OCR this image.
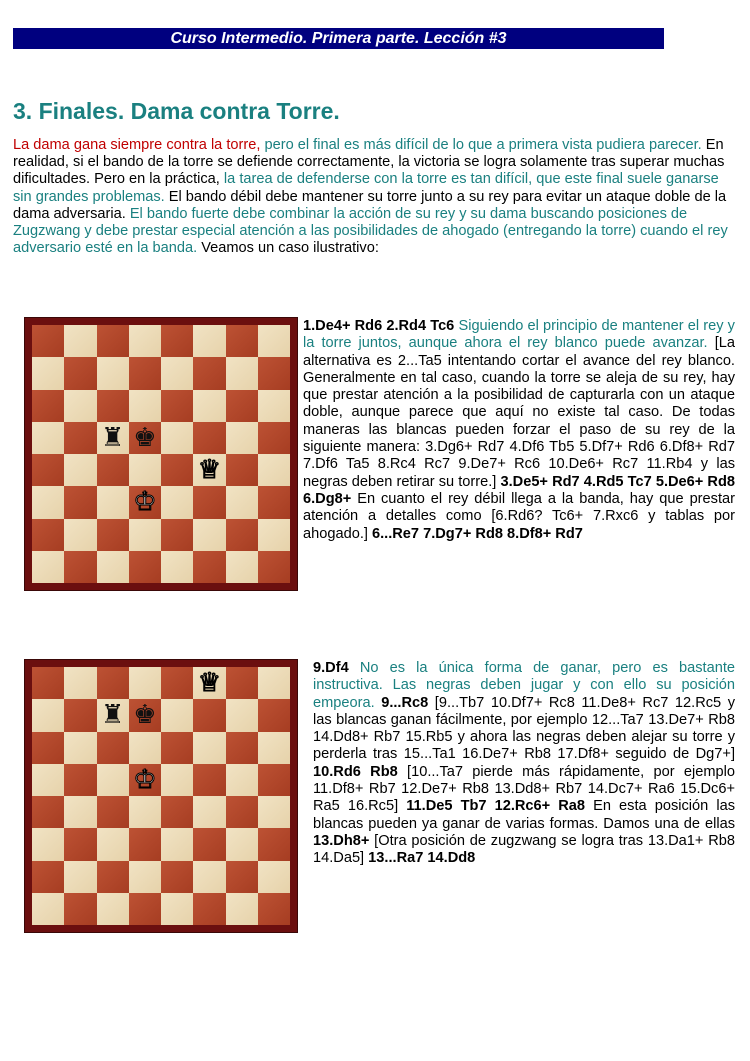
Curso Intermedio. Primera parte. Lección #3
3. Finales. Dama contra Torre.

La dama gana siempre contra la torre, pero el final es más difícil de lo que a primera vista pudiera parecer. En realidad, si el bando de la torre se defiende correctamente, la victoria se logra solamente tras superar muchas dificultades. Pero en la práctica, la tarea de defenderse con la torre es tan difícil, que este final suele ganarse sin grandes problemas. El bando débil debe mantener su torre junto a su rey para evitar un ataque doble de la dama adversaria. El bando fuerte debe combinar la acción de su rey y su dama buscando posiciones de Zugzwang y debe prestar especial atención a las posibilidades de ahogado (entregando la torre) cuando el rey adversario esté en la banda. Veamos un caso ilustrativo:

♜ ♚
♕
♔

1.De4+ Rd6 2.Rd4 Tc6 Siguiendo el principio de mantener el rey y la torre juntos, aunque ahora el rey blanco puede avanzar. [La alternativa es 2...Ta5 intentando cortar el avance del rey blanco. Generalmente en tal caso, cuando la torre se aleja de su rey, hay que prestar atención a la posibilidad de capturarla con un ataque doble, aunque parece que aquí no existe tal caso. De todas maneras las blancas pueden forzar el paso de su rey de la siguiente manera: 3.Dg6+ Rd7 4.Df6 Tb5 5.Df7+ Rd6 6.Df8+ Rd7 7.Df6 Ta5 8.Rc4 Rc7 9.De7+ Rc6 10.De6+ Rc7 11.Rb4 y las negras deben retirar su torre.] 3.De5+ Rd7 4.Rd5 Tc7 5.De6+ Rd8 6.Dg8+ En cuanto el rey débil llega a la banda, hay que prestar atención a detalles como [6.Rd6? Tc6+ 7.Rxc6 y tablas por ahogado.] 6...Re7 7.Dg7+ Rd8 8.Df8+ Rd7

♕
♜ ♚
♔

9.Df4 No es la única forma de ganar, pero es bastante instructiva. Las negras deben jugar y con ello su posición empeora. 9...Rc8 [9...Tb7 10.Df7+ Rc8 11.De8+ Rc7 12.Rc5 y las blancas ganan fácilmente, por ejemplo 12...Ta7 13.De7+ Rb8 14.Dd8+ Rb7 15.Rb5 y ahora las negras deben alejar su torre y perderla tras 15...Ta1 16.De7+ Rb8 17.Df8+ seguido de Dg7+] 10.Rd6 Rb8 [10...Ta7 pierde más rápidamente, por ejemplo 11.Df8+ Rb7 12.De7+ Rb8 13.Dd8+ Rb7 14.Dc7+ Ra6 15.Dc6+ Ra5 16.Rc5] 11.De5 Tb7 12.Rc6+ Ra8 En esta posición las blancas pueden ya ganar de varias formas. Damos una de ellas 13.Dh8+ [Otra posición de zugzwang se logra tras 13.Da1+ Rb8 14.Da5] 13...Ra7 14.Dd8
